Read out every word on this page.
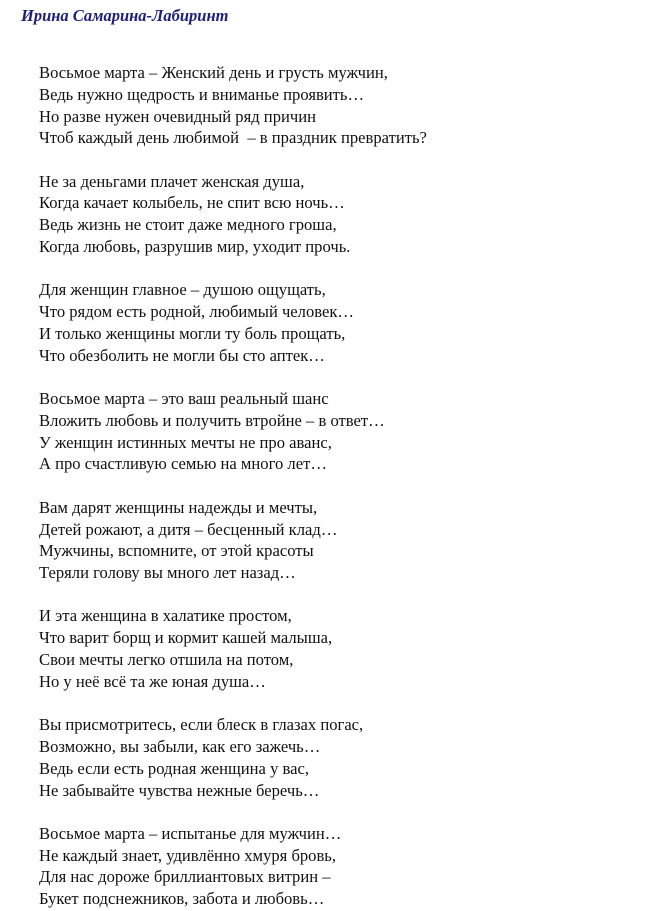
Ирина Самарина-Лабиринт
Восьмое марта – Женский день и грусть мужчин,
Ведь нужно щедрость и вниманье проявить…
Но разве нужен очевидный ряд причин
Чтоб каждый день любимой  – в праздник превратить?
Не за деньгами плачет женская душа,
Когда качает колыбель, не спит всю ночь…
Ведь жизнь не стоит даже медного гроша,
Когда любовь, разрушив мир, уходит прочь.
Для женщин главное – душою ощущать,
Что рядом есть родной, любимый человек…
И только женщины могли ту боль прощать,
Что обезболить не могли бы сто аптек…
Восьмое марта – это ваш реальный шанс
Вложить любовь и получить втройне – в ответ…
У женщин истинных мечты не про аванс,
А про счастливую семью на много лет…
Вам дарят женщины надежды и мечты,
Детей рожают, а дитя – бесценный клад…
Мужчины, вспомните, от этой красоты
Теряли голову вы много лет назад…
И эта женщина в халатике простом,
Что варит борщ и кормит кашей малыша,
Свои мечты легко отшила на потом,
Но у неё всё та же юная душа…
Вы присмотритесь, если блеск в глазах погас,
Возможно, вы забыли, как его зажечь…
Ведь если есть родная женщина у вас,
Не забывайте чувства нежные беречь…
Восьмое марта – испытанье для мужчин…
Не каждый знает, удивлённо хмуря бровь,
Для нас дороже бриллиантовых витрин –
Букет подснежников, забота и любовь…
